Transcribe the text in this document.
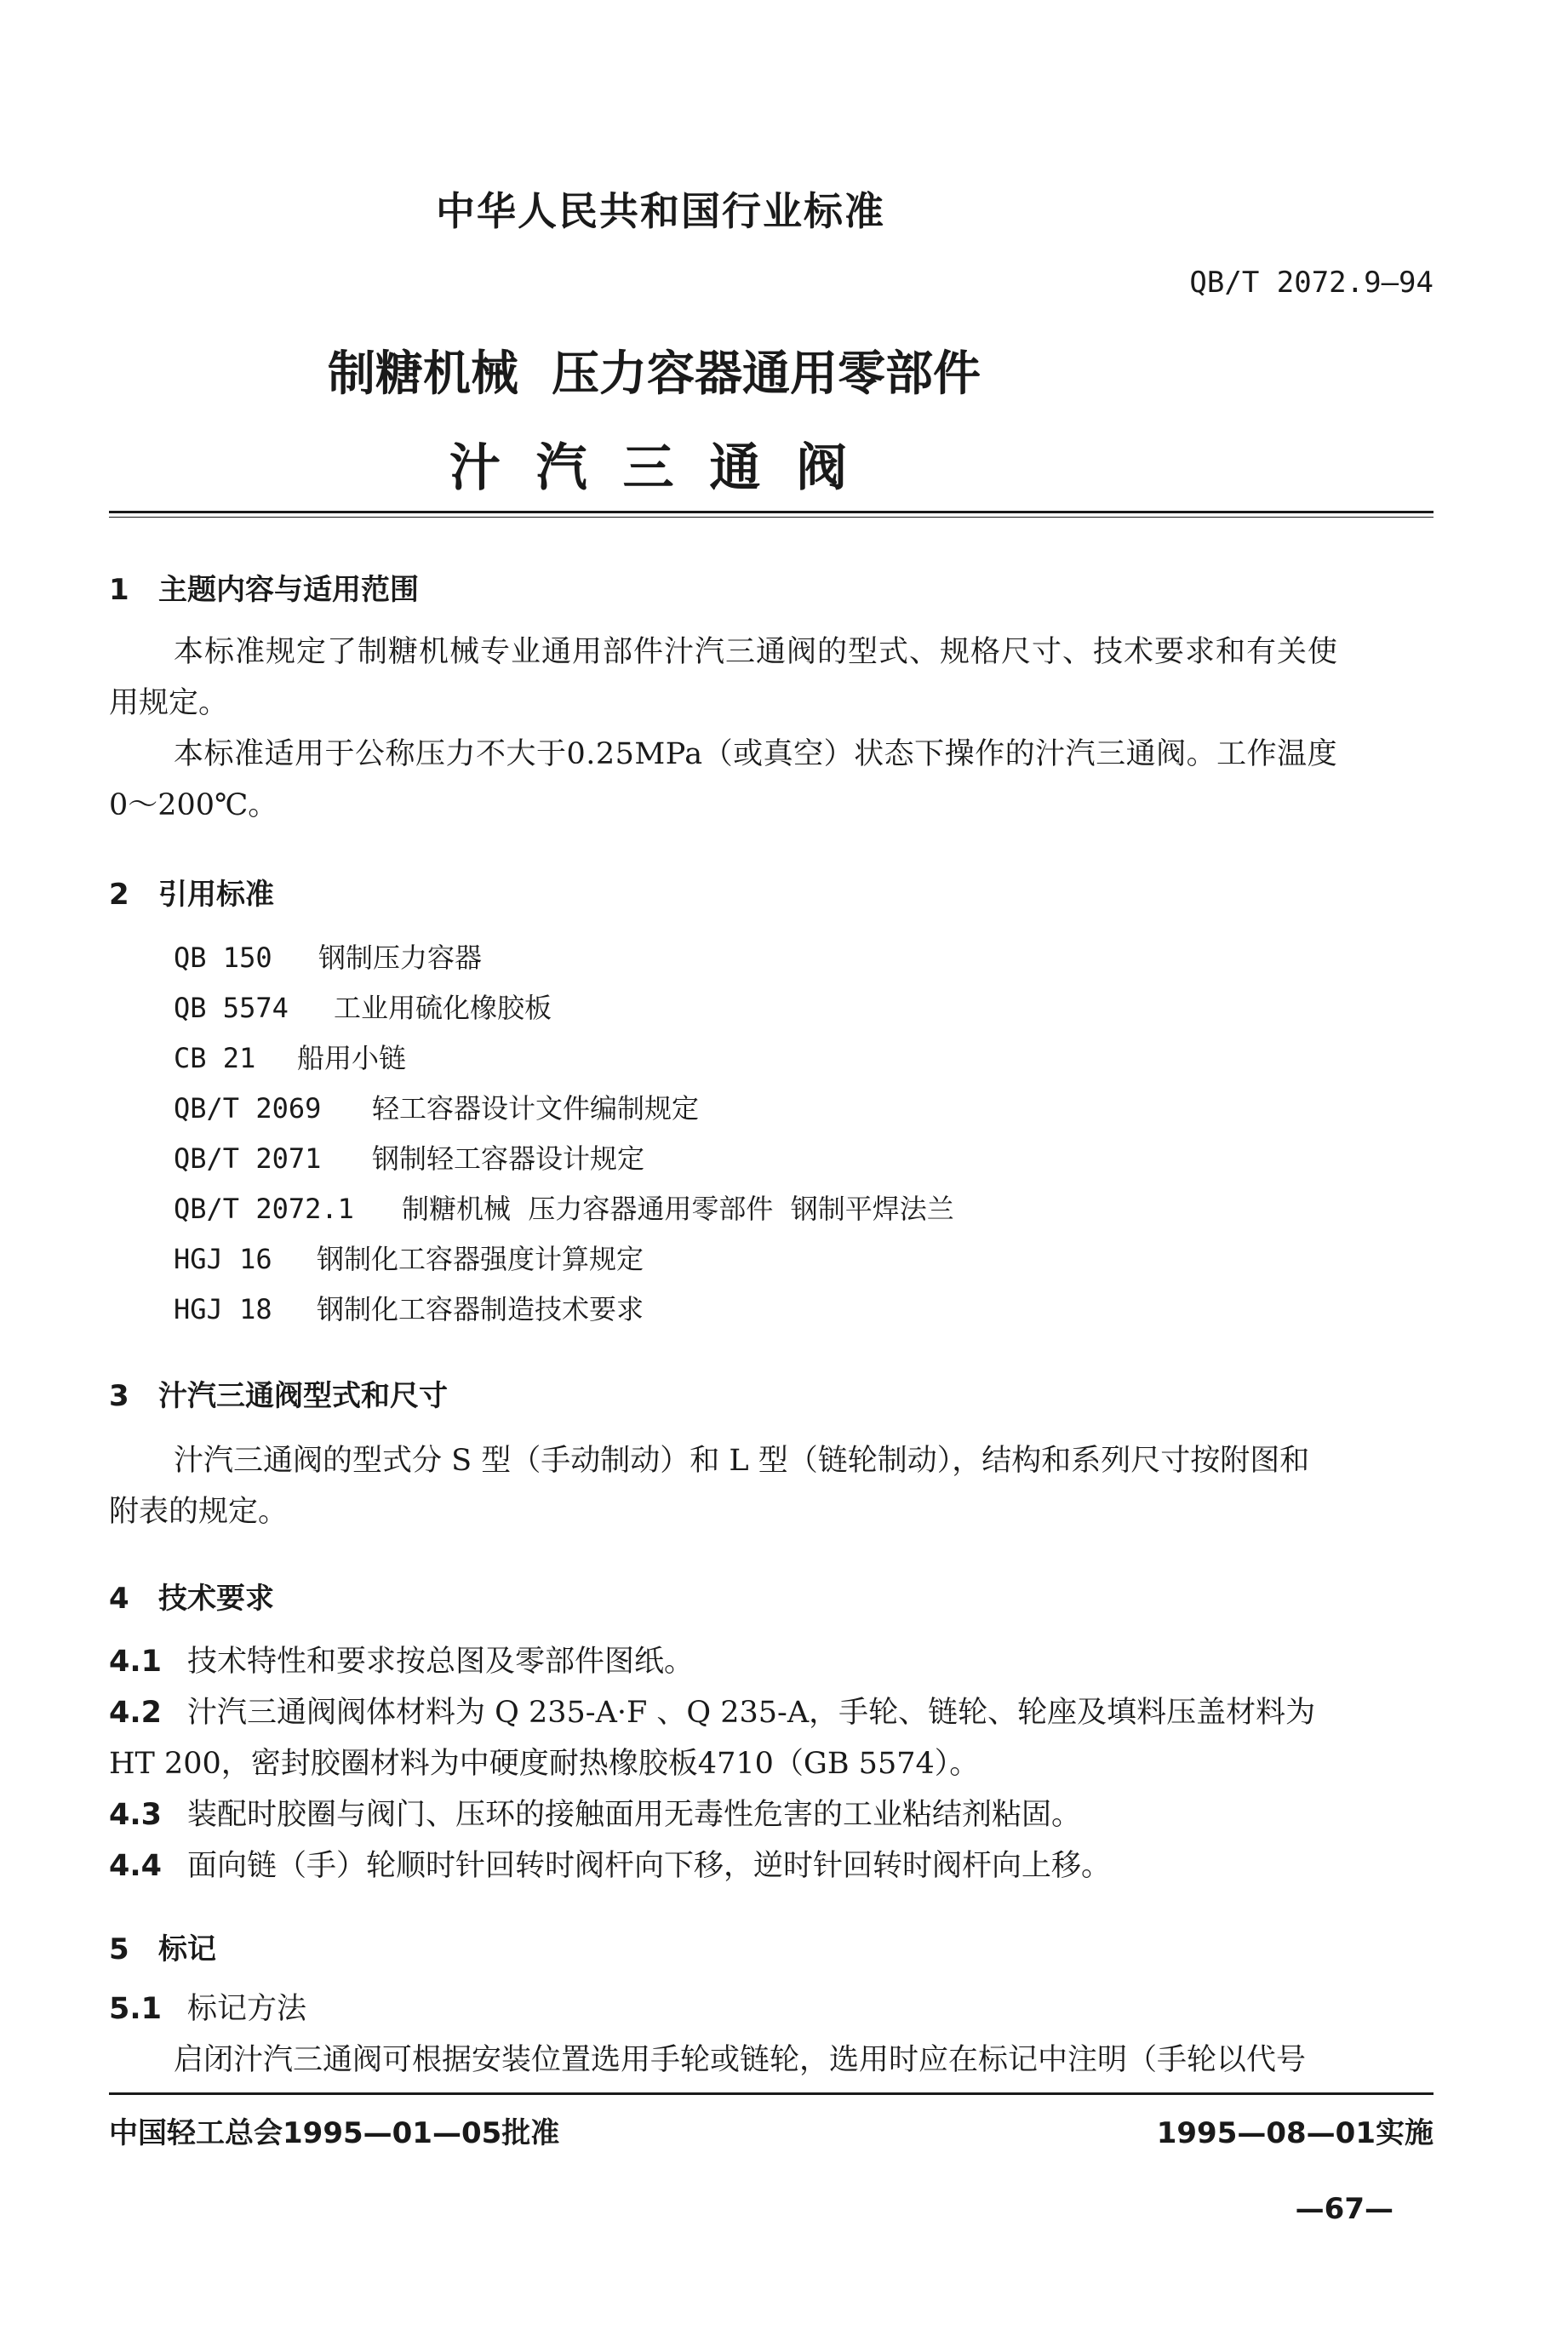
中华人民共和国行业标准
QB/T 2072.9—94
制糖机械  压力容器通用零部件
汁  汽  三  通  阀
1 主题内容与适用范围
本标准规定了制糖机械专业通用部件汁汽三通阀的型式、规格尺寸、技术要求和有关使
用规定。
本标准适用于公称压力不大于0.25MPa（或真空）状态下操作的汁汽三通阀。工作温度
0～200℃。
2 引用标准
QB 150 钢制压力容器
QB 5574 工业用硫化橡胶板
CB 21 船用小链
QB/T 2069 轻工容器设计文件编制规定
QB/T 2071 钢制轻工容器设计规定
QB/T 2072.1 制糖机械  压力容器通用零部件  钢制平焊法兰
HGJ 16 钢制化工容器强度计算规定
HGJ 18 钢制化工容器制造技术要求
3 汁汽三通阀型式和尺寸
汁汽三通阀的型式分 S 型（手动制动）和 L 型（链轮制动），结构和系列尺寸按附图和
附表的规定。
4 技术要求
4.1 技术特性和要求按总图及零部件图纸。
4.2 汁汽三通阀阀体材料为 Q 235-A·F 、Q 235-A，手轮、链轮、轮座及填料压盖材料为
HT 200，密封胶圈材料为中硬度耐热橡胶板4710（GB 5574）。
4.3 装配时胶圈与阀门、压环的接触面用无毒性危害的工业粘结剂粘固。
4.4 面向链（手）轮顺时针回转时阀杆向下移，逆时针回转时阀杆向上移。
5 标记
5.1 标记方法
启闭汁汽三通阀可根据安装位置选用手轮或链轮，选用时应在标记中注明（手轮以代号
中国轻工总会1995—01—05批准	1995—08—01实施
—67—
